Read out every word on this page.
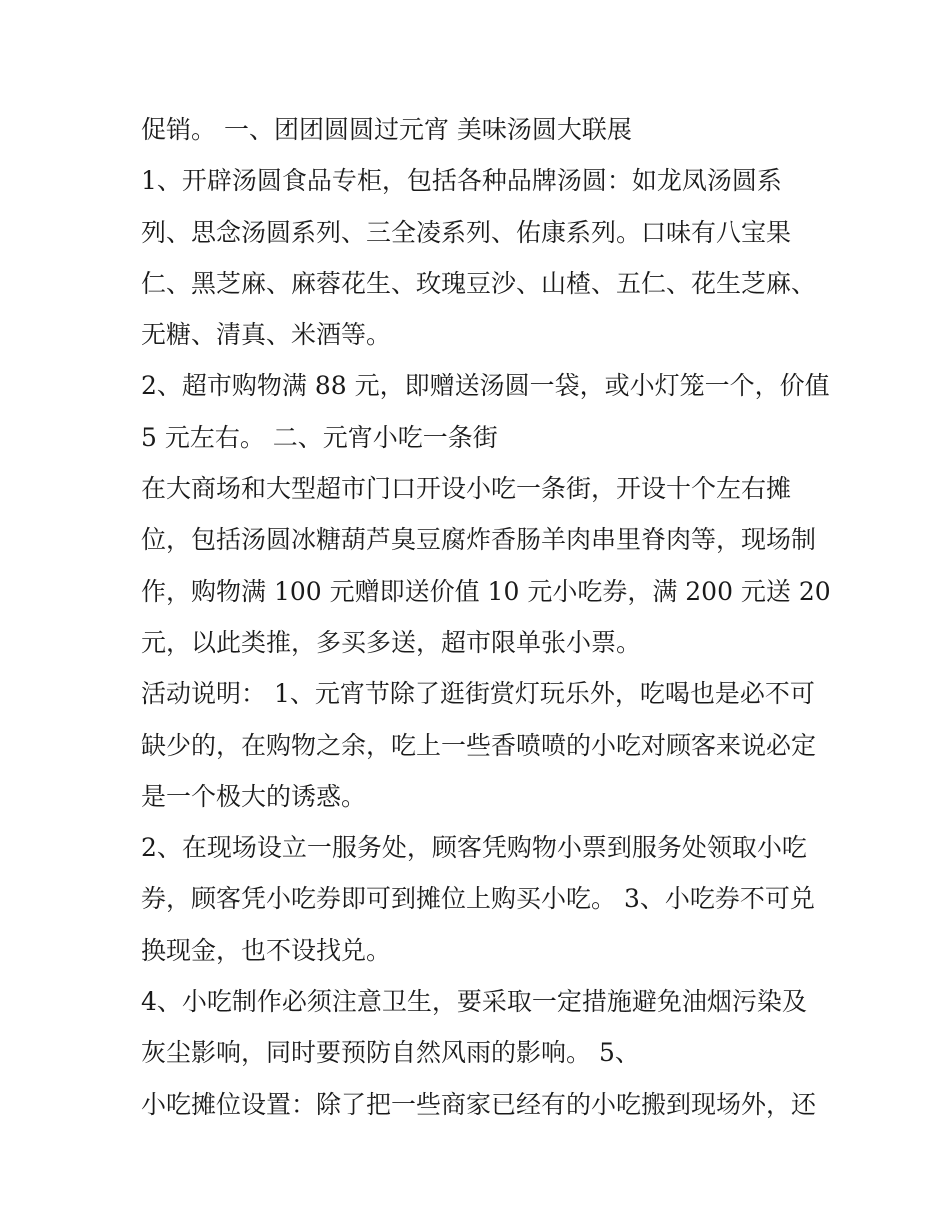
促销。 一、团团圆圆过元宵 美味汤圆大联展
1、开辟汤圆食品专柜，包括各种品牌汤圆：如龙凤汤圆系
列、思念汤圆系列、三全凌系列、佑康系列。口味有八宝果
仁、黑芝麻、麻蓉花生、玫瑰豆沙、山楂、五仁、花生芝麻、
无糖、清真、米酒等。
2、超市购物满 88 元，即赠送汤圆一袋，或小灯笼一个，价值
5 元左右。 二、元宵小吃一条街
在大商场和大型超市门口开设小吃一条街，开设十个左右摊
位，包括汤圆冰糖葫芦臭豆腐炸香肠羊肉串里脊肉等，现场制
作，购物满 100 元赠即送价值 10 元小吃券，满 200 元送 20
元，以此类推，多买多送，超市限单张小票。
活动说明： 1、元宵节除了逛街赏灯玩乐外，吃喝也是必不可
缺少的，在购物之余，吃上一些香喷喷的小吃对顾客来说必定
是一个极大的诱惑。
2、在现场设立一服务处，顾客凭购物小票到服务处领取小吃
券，顾客凭小吃券即可到摊位上购买小吃。 3、小吃券不可兑
换现金，也不设找兑。
4、小吃制作必须注意卫生，要采取一定措施避免油烟污染及
灰尘影响，同时要预防自然风雨的影响。 5、
小吃摊位设置：除了把一些商家已经有的小吃搬到现场外，还
